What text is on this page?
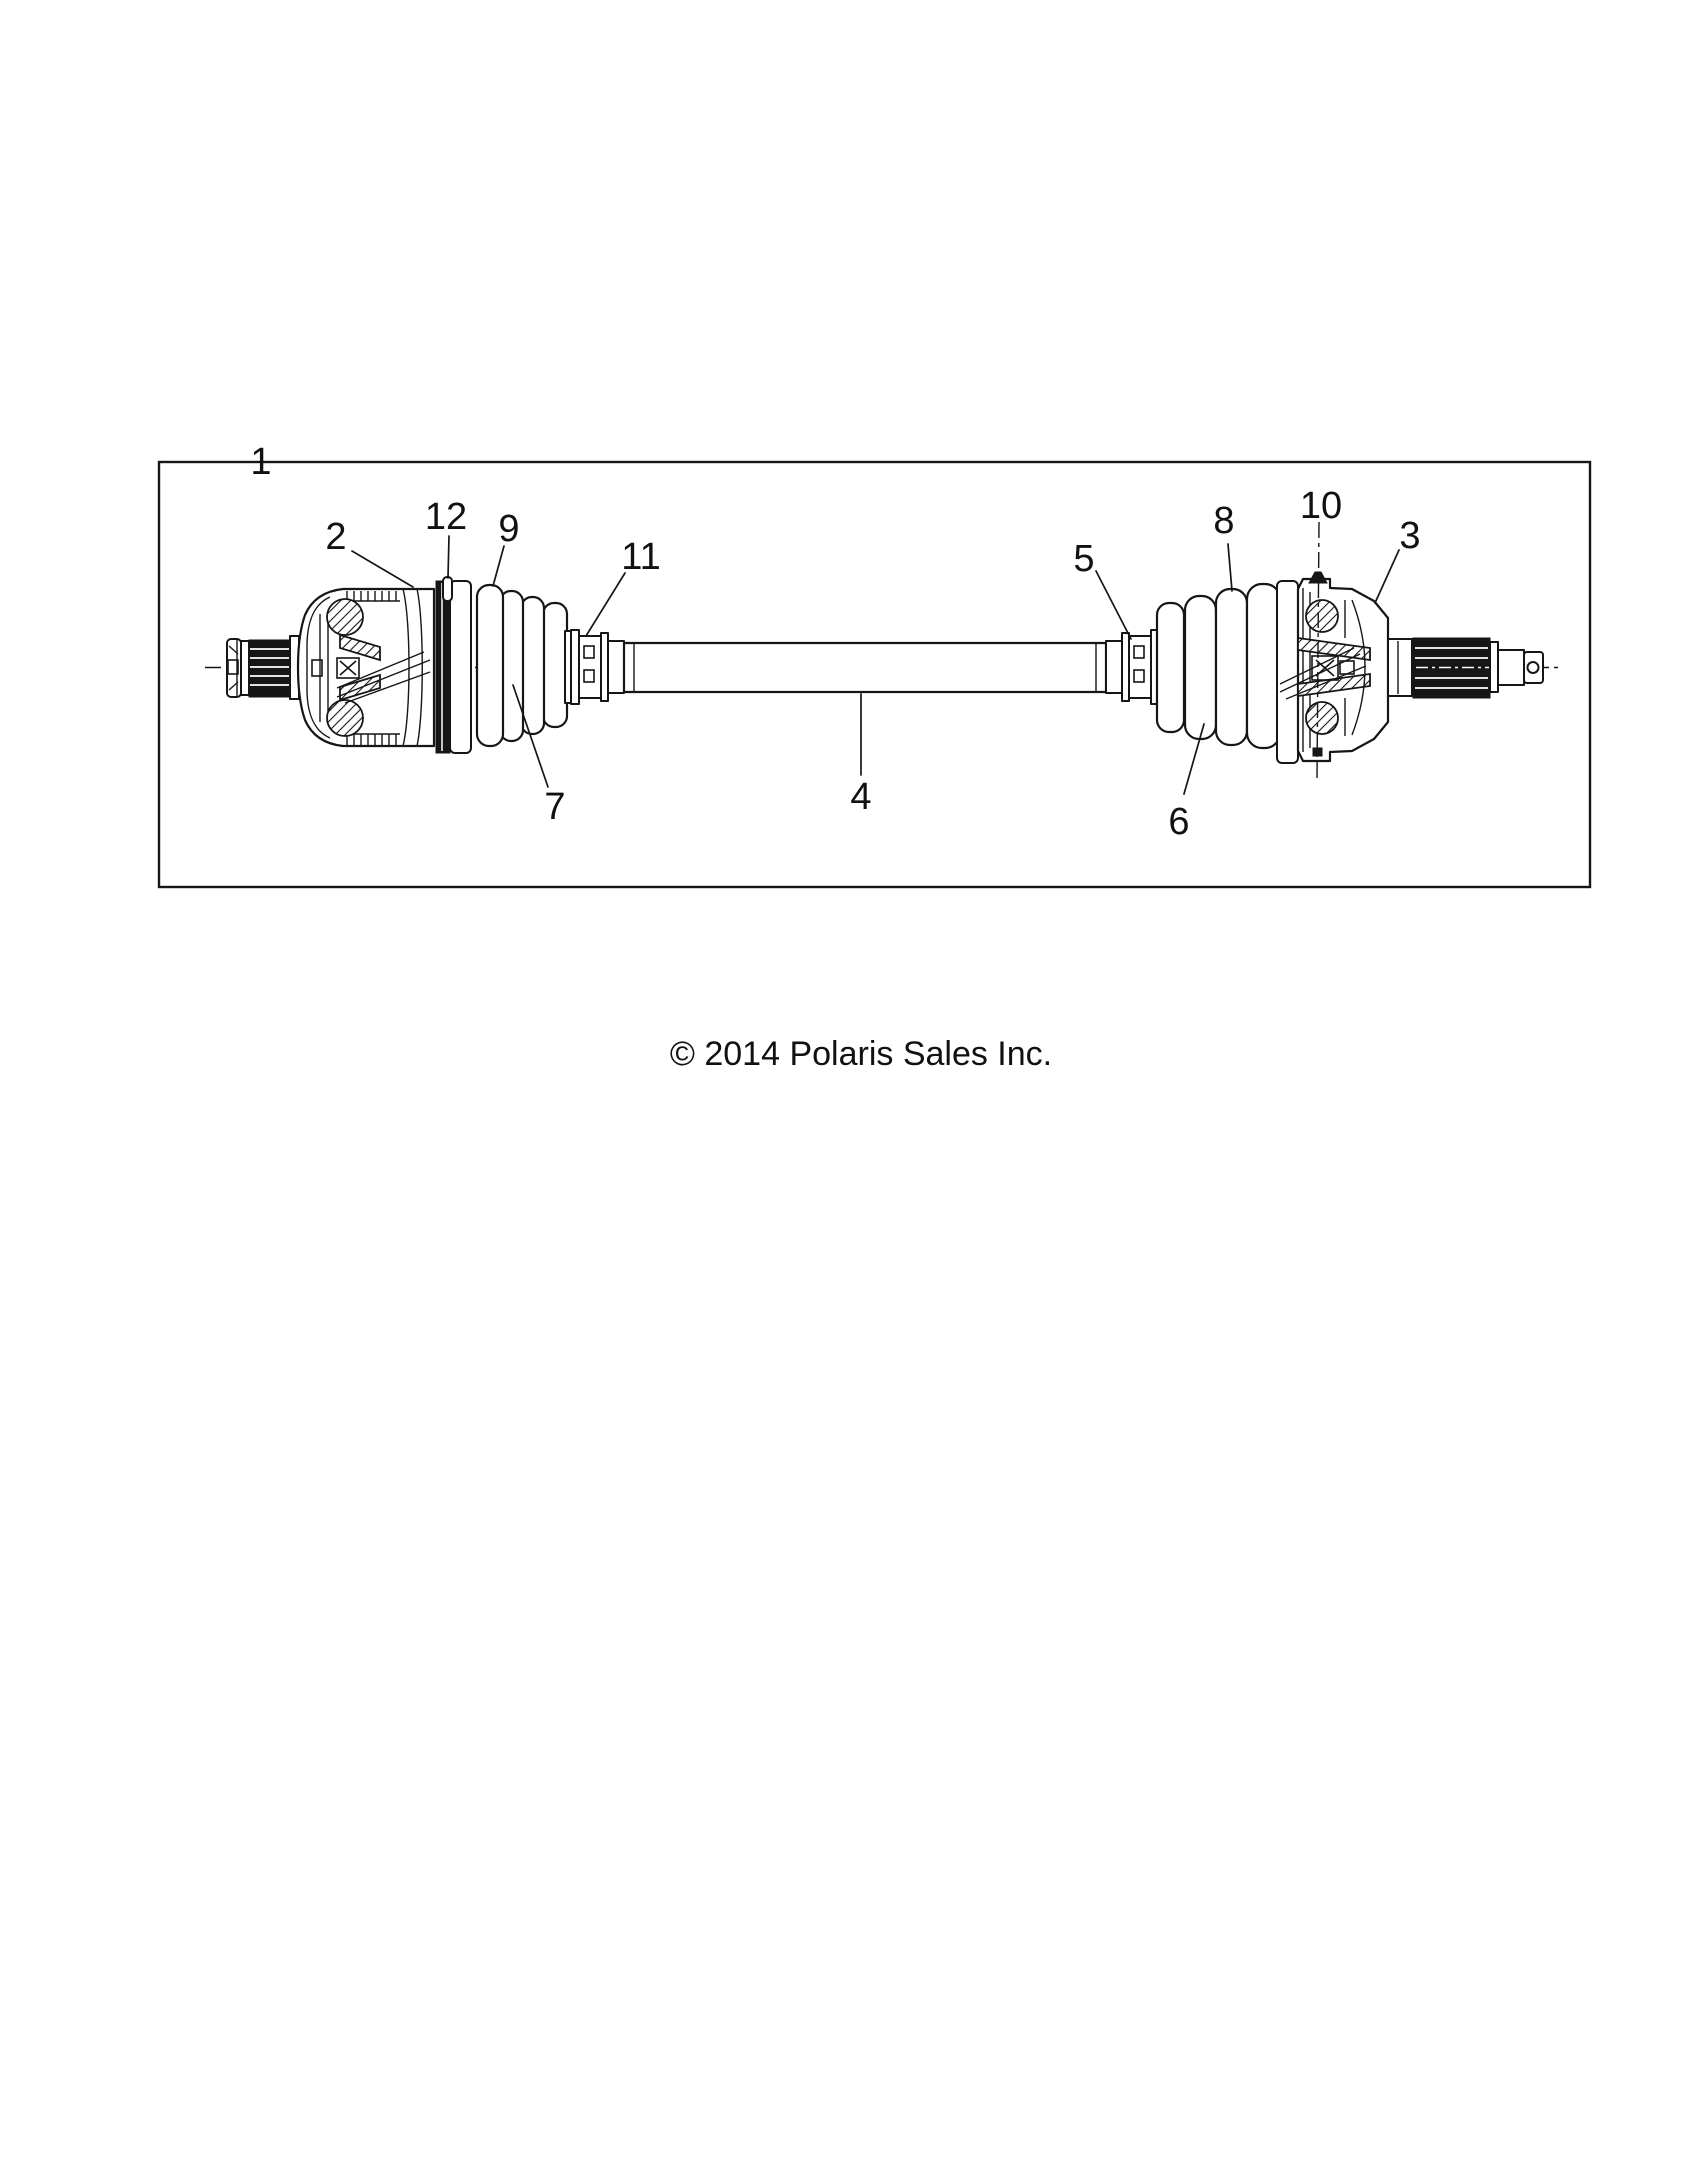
1
2 12 9
11	5
8 10
3
7	4
6
© 2014 Polaris Sales Inc.
